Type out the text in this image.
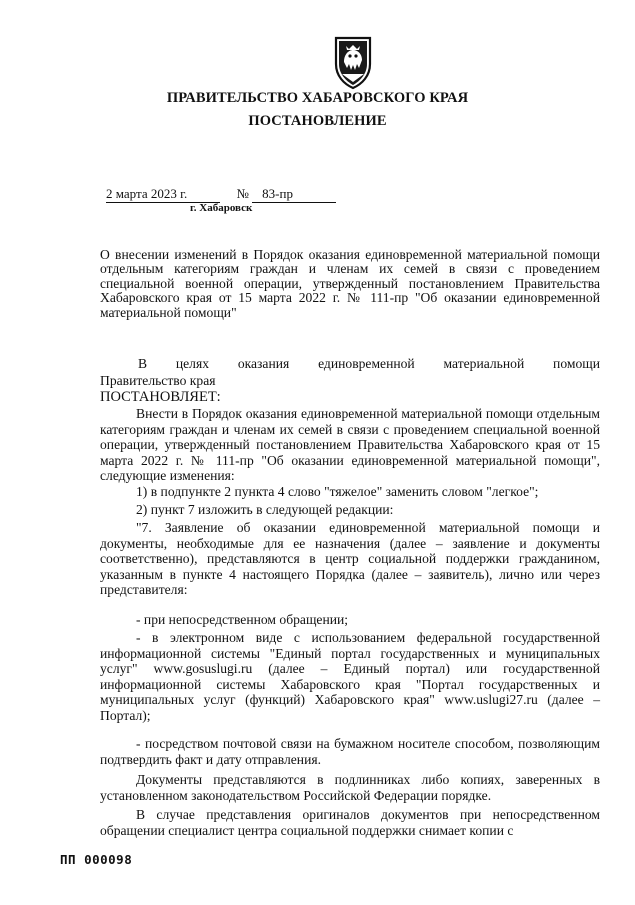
ПРАВИТЕЛЬСТВО ХАБАРОВСКОГО КРАЯ
ПОСТАНОВЛЕНИЕ
2 марта 2023 г.	№ 83-пр
г. Хабаровск
О внесении изменений в Порядок оказания единовременной материальной помощи отдельным категориям граждан и членам их семей в связи с проведением специальной военной операции, утвержденный постановлением Правительства Хабаровского края от 15 марта 2022 г. № 111-пр "Об оказании единовременной материальной помощи"
В целях оказания единовременной материальной помощи
Правительство края
ПОСТАНОВЛЯЕТ:
Внести в Порядок оказания единовременной материальной помощи отдельным категориям граждан и членам их семей в связи с проведением специальной военной операции, утвержденный постановлением Правительства Хабаровского края от 15 марта 2022 г. № 111-пр "Об оказании единовременной материальной помощи", следующие изменения:
1) в подпункте 2 пункта 4 слово "тяжелое" заменить словом "легкое";
2) пункт 7 изложить в следующей редакции:
"7. Заявление об оказании единовременной материальной помощи и документы, необходимые для ее назначения (далее – заявление и документы соответственно), представляются в центр социальной поддержки гражданином, указанным в пункте 4 настоящего Порядка (далее – заявитель), лично или через представителя:
- при непосредственном обращении;
- в электронном виде с использованием федеральной государственной информационной системы "Единый портал государственных и муниципальных услуг" www.gosuslugi.ru (далее – Единый портал) или государственной информационной системы Хабаровского края "Портал государственных и муниципальных услуг (функций) Хабаровского края" www.uslugi27.ru (далее – Портал);
- посредством почтовой связи на бумажном носителе способом, позволяющим подтвердить факт и дату отправления.
Документы представляются в подлинниках либо копиях, заверенных в установленном законодательством Российской Федерации порядке.
В случае представления оригиналов документов при непосредственном обращении специалист центра социальной поддержки снимает копии с
ПП 000098
